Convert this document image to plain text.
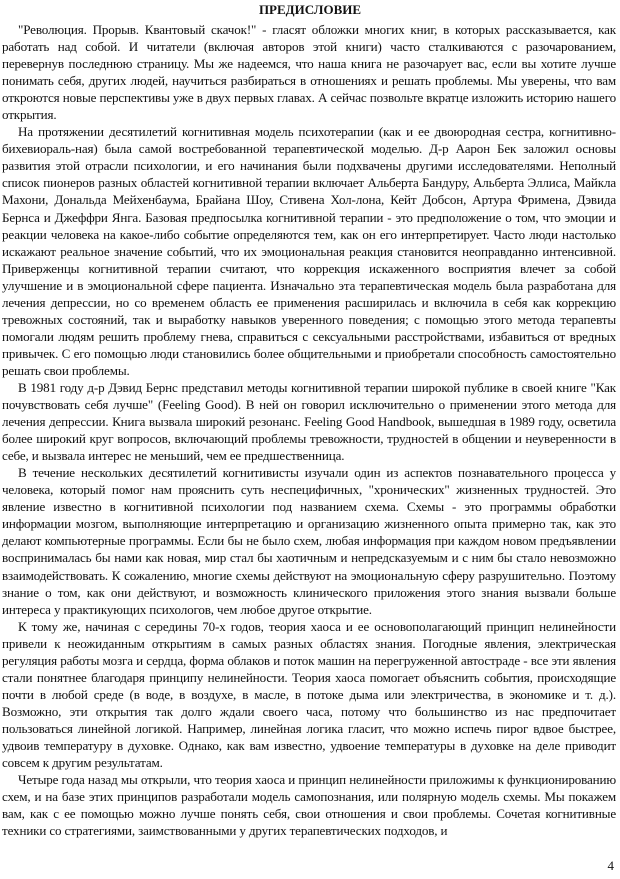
ПРЕДИСЛОВИЕ

"Революция. Прорыв. Квантовый скачок!" - гласят обложки многих книг, в которых рассказывается, как работать над собой. И читатели (включая авторов этой книги) часто сталкиваются с разочарованием, перевернув последнюю страницу. Мы же надеемся, что наша книга не разочарует вас, если вы хотите лучше понимать себя, других людей, научиться разбираться в отношениях и решать проблемы. Мы уверены, что вам откроются новые перспективы уже в двух первых главах. А сейчас позвольте вкратце изложить историю нашего открытия.

На протяжении десятилетий когнитивная модель психотерапии (как и ее двоюродная сестра, когнитивно-бихевиораль-ная) была самой востребованной терапевтической моделью. Д-р Аарон Бек заложил основы развития этой отрасли психологии, и его начинания были подхвачены другими исследователями. Неполный список пионеров разных областей когнитивной терапии включает Альберта Бандуру, Альберта Эллиса, Майкла Махони, Дональда Мейхенбаума, Брайана Шоу, Стивена Хол-лона, Кейт Добсон, Артура Фримена, Дэвида Бернса и Джеффри Янга. Базовая предпосылка когнитивной терапии - это предположение о том, что эмоции и реакции человека на какое-либо событие определяются тем, как он его интерпретирует. Часто люди настолько искажают реальное значение событий, что их эмоциональная реакция становится неоправданно интенсивной. Приверженцы когнитивной терапии считают, что коррекция искаженного восприятия влечет за собой улучшение и в эмоциональной сфере пациента. Изначально эта терапевтическая модель была разработана для лечения депрессии, но со временем область ее применения расширилась и включила в себя как коррекцию тревожных состояний, так и выработку навыков уверенного поведения; с помощью этого метода терапевты помогали людям решить проблему гнева, справиться с сексуальными расстройствами, избавиться от вредных привычек. С его помощью люди становились более общительными и приобретали способность самостоятельно решать свои проблемы.

В 1981 году д-р Дэвид Бернс представил методы когнитивной терапии широкой публике в своей книге "Как почувствовать себя лучше" (Feeling Good). В ней он говорил исключительно о применении этого метода для лечения депрессии. Книга вызвала широкий резонанс. Feeling Good Handbook, вышедшая в 1989 году, осветила более широкий круг вопросов, включающий проблемы тревожности, трудностей в общении и неуверенности в себе, и вызвала интерес не меньший, чем ее предшественница.

В течение нескольких десятилетий когнитивисты изучали один из аспектов познавательного процесса у человека, который помог нам прояснить суть неспецифичных, "хронических" жизненных трудностей. Это явление известно в когнитивной психологии под названием схема. Схемы - это программы обработки информации мозгом, выполняющие интерпретацию и организацию жизненного опыта примерно так, как это делают компьютерные программы. Если бы не было схем, любая информация при каждом новом предъявлении воспринималась бы нами как новая, мир стал бы хаотичным и непредсказуемым и с ним бы стало невозможно взаимодействовать. К сожалению, многие схемы действуют на эмоциональную сферу разрушительно. Поэтому знание о том, как они действуют, и возможность клинического приложения этого знания вызвали больше интереса у практикующих психологов, чем любое другое открытие.

К тому же, начиная с середины 70-х годов, теория хаоса и ее основополагающий принцип нелинейности привели к неожиданным открытиям в самых разных областях знания. Погодные явления, электрическая регуляция работы мозга и сердца, форма облаков и поток машин на перегруженной автостраде - все эти явления стали понятнее благодаря принципу нелинейности. Теория хаоса помогает объяснить события, происходящие почти в любой среде (в воде, в воздухе, в масле, в потоке дыма или электричества, в экономике и т. д.). Возможно, эти открытия так долго ждали своего часа, потому что большинство из нас предпочитает пользоваться линейной логикой. Например, линейная логика гласит, что можно испечь пирог вдвое быстрее, удвоив температуру в духовке. Однако, как вам известно, удвоение температуры в духовке на деле приводит совсем к другим результатам.

Четыре года назад мы открыли, что теория хаоса и принцип нелинейности приложимы к функционированию схем, и на базе этих принципов разработали модель самопознания, или полярную модель схемы. Мы покажем вам, как с ее помощью можно лучше понять себя, свои отношения и свои проблемы. Сочетая когнитивные техники со стратегиями, заимствованными у других терапевтических подходов, и

4
